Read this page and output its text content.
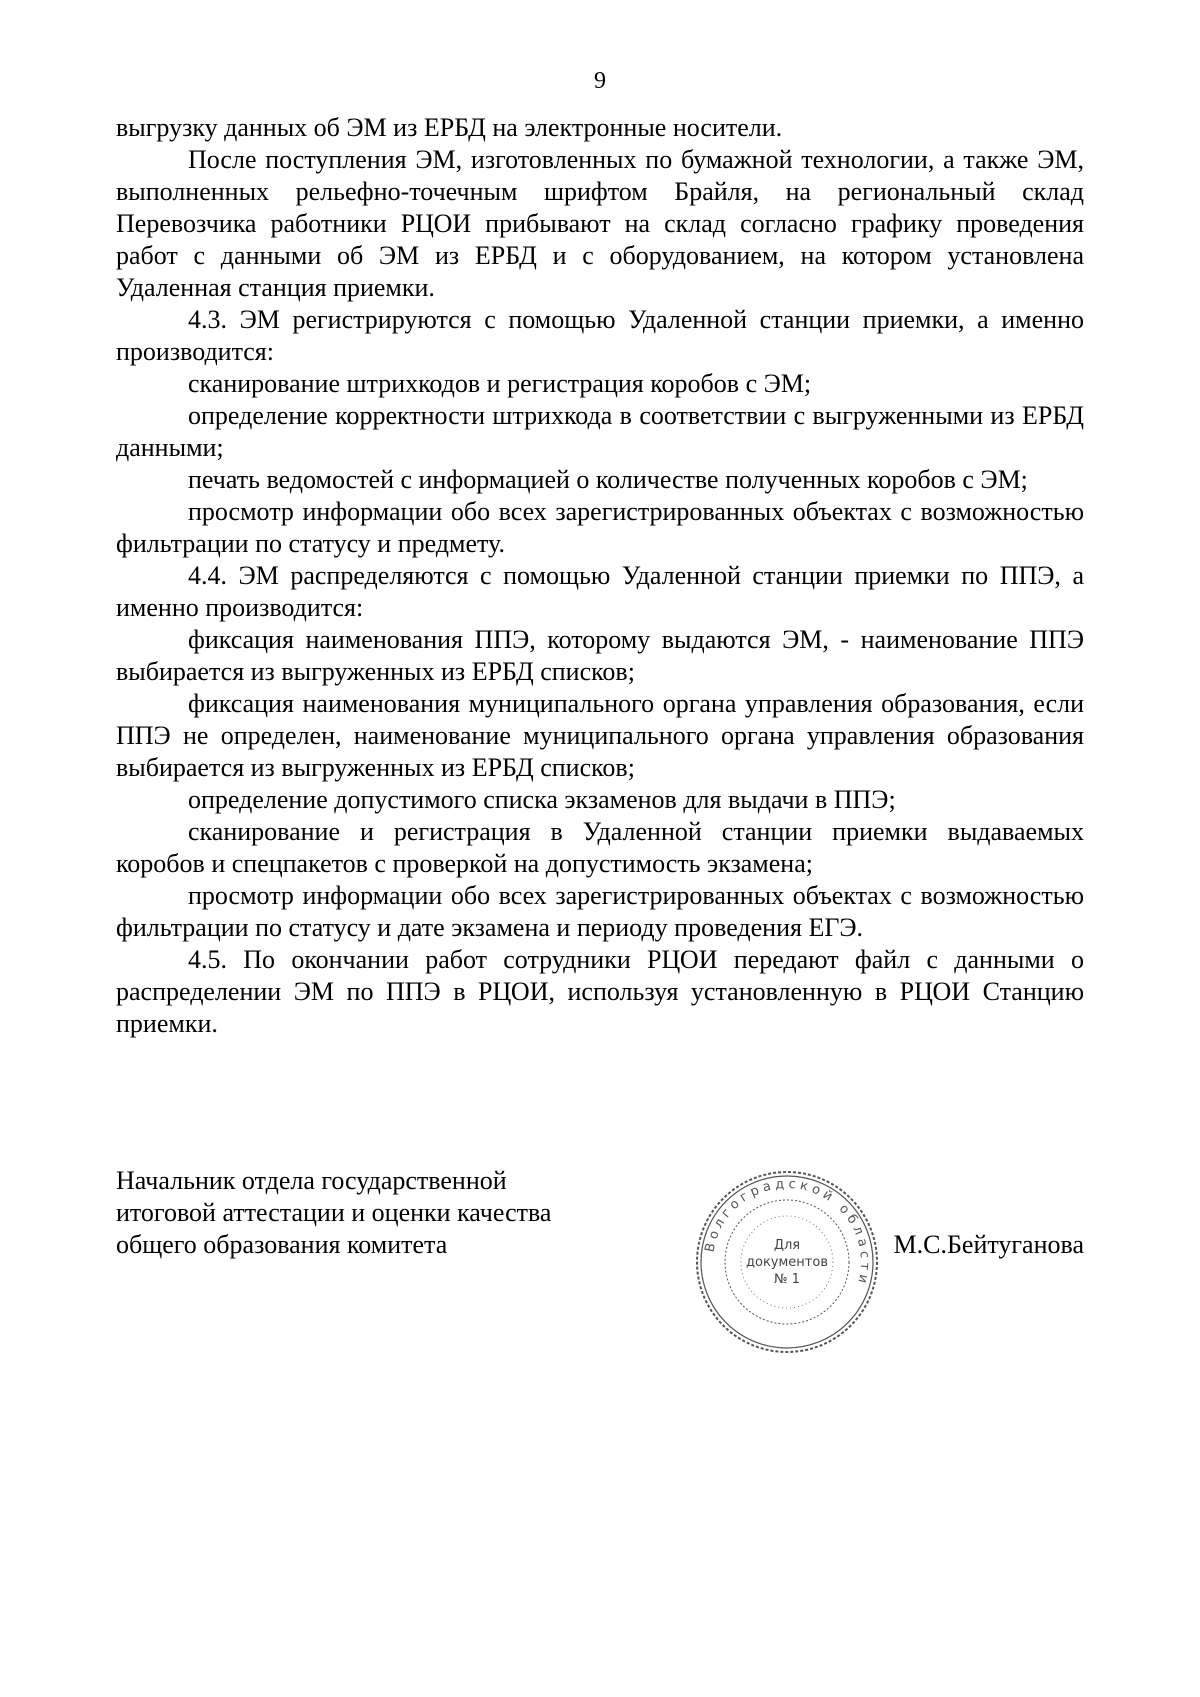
9

выгрузку данных об ЭМ из ЕРБД на электронные носители.

После поступления ЭМ, изготовленных по бумажной технологии, а также ЭМ, выполненных рельефно-точечным шрифтом Брайля, на региональный склад Перевозчика работники РЦОИ прибывают на склад согласно графику проведения работ с данными об ЭМ из ЕРБД и с оборудованием, на котором установлена Удаленная станция приемки.

4.3. ЭМ регистрируются с помощью Удаленной станции приемки, а именно производится:

сканирование штрихкодов и регистрация коробов с ЭМ;

определение корректности штрихкода в соответствии с выгруженными из ЕРБД данными;

печать ведомостей с информацией о количестве полученных коробов с ЭМ;

просмотр информации обо всех зарегистрированных объектах с возможностью фильтрации по статусу и предмету.

4.4. ЭМ распределяются с помощью Удаленной станции приемки по ППЭ, а именно производится:

фиксация наименования ППЭ, которому выдаются ЭМ, - наименование ППЭ выбирается из выгруженных из ЕРБД списков;

фиксация наименования муниципального органа управления образования, если ППЭ не определен, наименование муниципального органа управления образования выбирается из выгруженных из ЕРБД списков;

определение допустимого списка экзаменов для выдачи в ППЭ;

сканирование и регистрация в Удаленной станции приемки выдаваемых коробов и спецпакетов с проверкой на допустимость экзамена;

просмотр информации обо всех зарегистрированных объектах с возможностью фильтрации по статусу и дате экзамена и периоду проведения ЕГЭ.

4.5. По окончании работ сотрудники РЦОИ передают файл с данными о распределении ЭМ по ППЭ в РЦОИ, используя установленную в РЦОИ Станцию приемки.

Начальник отдела государственной
итоговой аттестации и оценки качества
общего образования комитета	Волгоградской области
Для
документов
№ 1
М.С.Бейтуганова
